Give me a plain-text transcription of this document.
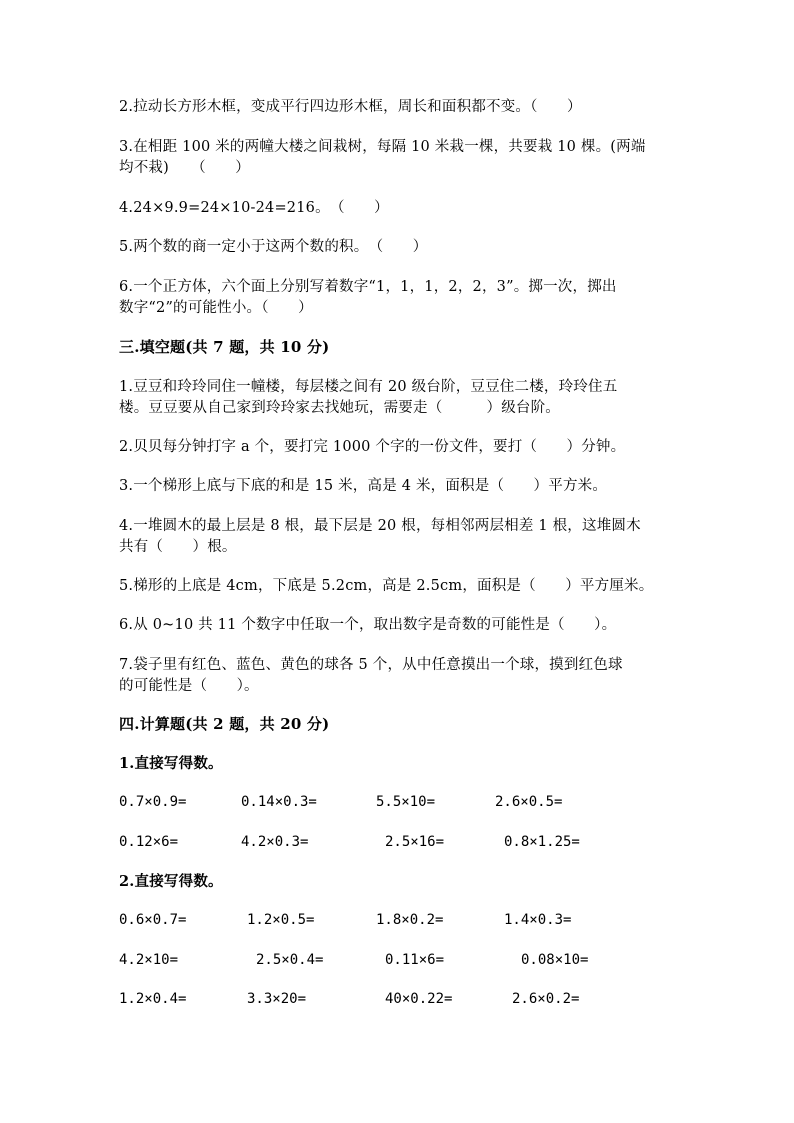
2.拉动长方形木框，变成平行四边形木框，周长和面积都不变。（　　）
3.在相距 100 米的两幢大楼之间栽树，每隔 10 米栽一棵，共要栽 10 棵。(两端
均不栽)　　（　　）
4.24×9.9=24×10-24=216。　（　　）
5.两个数的商一定小于这两个数的积。　（　　）
6.一个正方体，六个面上分别写着数字“1，1，1，2，2，3”。掷一次，掷出
数字“2”的可能性小。（　　）
三.填空题(共 7 题，共 10 分)
1.豆豆和玲玲同住一幢楼，每层楼之间有 20 级台阶，豆豆住二楼，玲玲住五
楼。豆豆要从自己家到玲玲家去找她玩，需要走（　　　）级台阶。
2.贝贝每分钟打字 a 个，要打完 1000 个字的一份文件，要打（　　）分钟。
3.一个梯形上底与下底的和是 15 米，高是 4 米，面积是（　　）平方米。
4.一堆圆木的最上层是 8 根，最下层是 20 根，每相邻两层相差 1 根，这堆圆木
共有（　　）根。
5.梯形的上底是 4cm，下底是 5.2cm，高是 2.5cm，面积是（　　）平方厘米。
6.从 0~10 共 11 个数字中任取一个，取出数字是奇数的可能性是（　　）。
7.袋子里有红色、蓝色、黄色的球各 5 个，从中任意摸出一个球，摸到红色球
的可能性是（　　）。
四.计算题(共 2 题，共 20 分)
1.直接写得数。
0.7×0.9=	0.14×0.3=	5.5×10=	2.6×0.5=
0.12×6=	4.2×0.3=	2.5×16=	0.8×1.25=
2.直接写得数。
0.6×0.7=	1.2×0.5=	1.8×0.2=	1.4×0.3=
4.2×10=	2.5×0.4=	0.11×6=	0.08×10=
1.2×0.4=	3.3×20=	40×0.22=	2.6×0.2=
